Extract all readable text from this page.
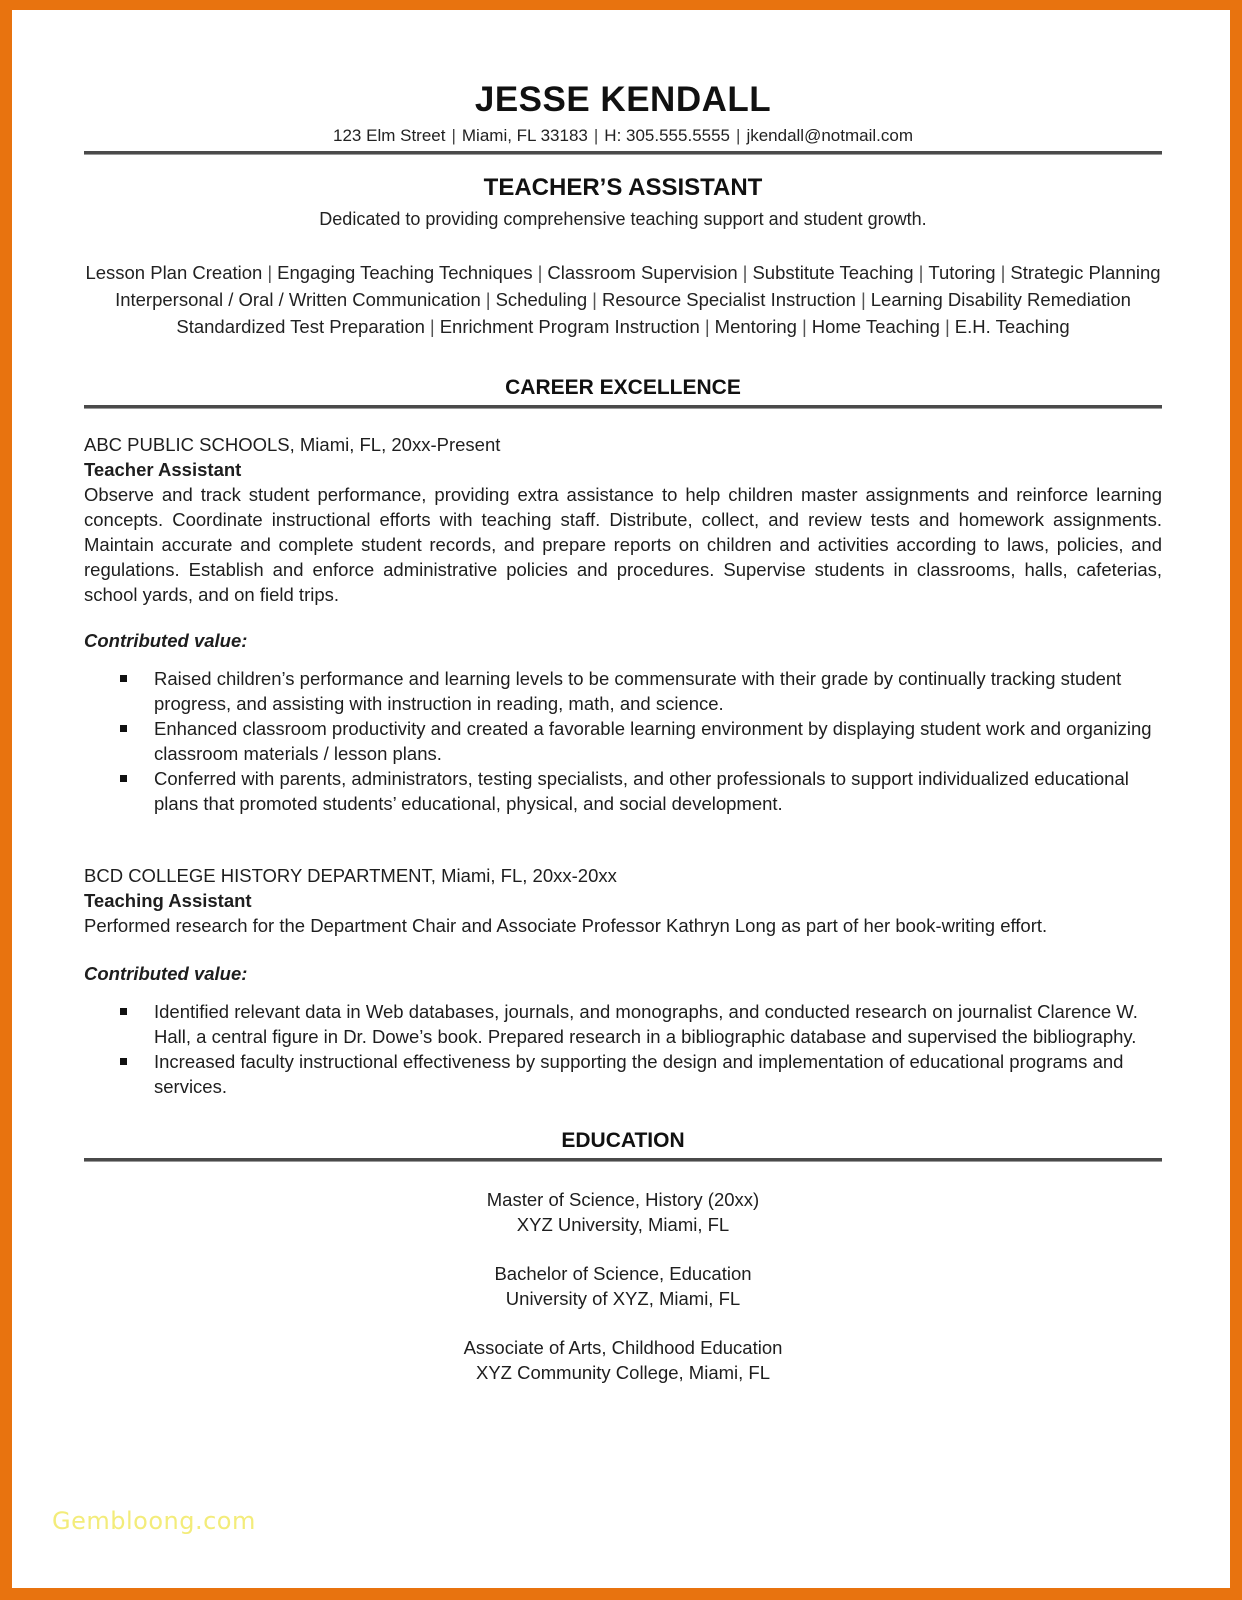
JESSE KENDALL
123 Elm Street | Miami, FL 33183 | H: 305.555.5555 | jkendall@notmail.com
TEACHER’S ASSISTANT
Dedicated to providing comprehensive teaching support and student growth.
Lesson Plan Creation | Engaging Teaching Techniques | Classroom Supervision | Substitute Teaching | Tutoring | Strategic Planning
Interpersonal / Oral / Written Communication | Scheduling | Resource Specialist Instruction | Learning Disability Remediation
Standardized Test Preparation | Enrichment Program Instruction | Mentoring | Home Teaching | E.H. Teaching
CAREER EXCELLENCE
ABC PUBLIC SCHOOLS, Miami, FL, 20xx-Present
Teacher Assistant
Observe and track student performance, providing extra assistance to help children master assignments and reinforce learning concepts. Coordinate instructional efforts with teaching staff. Distribute, collect, and review tests and homework assignments. Maintain accurate and complete student records, and prepare reports on children and activities according to laws, policies, and regulations. Establish and enforce administrative policies and procedures. Supervise students in classrooms, halls, cafeterias, school yards, and on field trips.
Contributed value:
Raised children’s performance and learning levels to be commensurate with their grade by continually tracking student progress, and assisting with instruction in reading, math, and science.
Enhanced classroom productivity and created a favorable learning environment by displaying student work and organizing classroom materials / lesson plans.
Conferred with parents, administrators, testing specialists, and other professionals to support individualized educational plans that promoted students’ educational, physical, and social development.
BCD COLLEGE HISTORY DEPARTMENT, Miami, FL, 20xx-20xx
Teaching Assistant
Performed research for the Department Chair and Associate Professor Kathryn Long as part of her book-writing effort.
Contributed value:
Identified relevant data in Web databases, journals, and monographs, and conducted research on journalist Clarence W. Hall, a central figure in Dr. Dowe’s book. Prepared research in a bibliographic database and supervised the bibliography.
Increased faculty instructional effectiveness by supporting the design and implementation of educational programs and services.
EDUCATION
Master of Science, History (20xx)
XYZ University, Miami, FL
Bachelor of Science, Education
University of XYZ, Miami, FL
Associate of Arts, Childhood Education
XYZ Community College, Miami, FL
Gembloong.com
